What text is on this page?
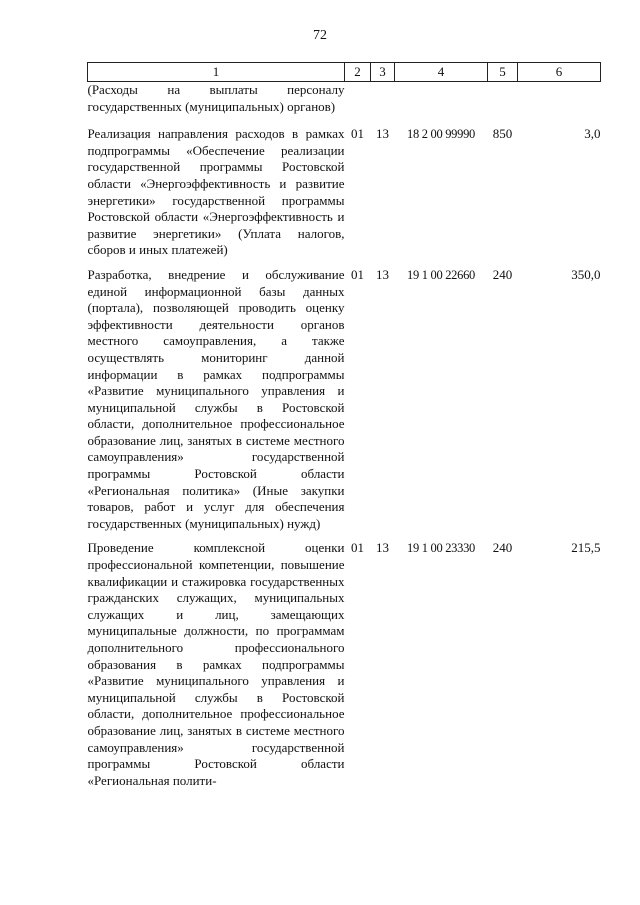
72
1	2	3	4	5	6
(Расходы на выплаты персоналу государственных (муниципальных) органов)					
Реализация направления расходов в рамках подпрограммы «Обеспечение реализации государственной программы Ростовской области «Энергоэффективность и развитие энергетики» государственной программы Ростовской области «Энергоэффективность и развитие энергетики» (Уплата налогов, сборов и иных платежей)	01	13	18 2 00 99990	850	3,0
Разработка, внедрение и обслуживание единой информационной базы данных (портала), позволяющей проводить оценку эффективности деятельности органов местного самоуправления, а также осуществлять мониторинг данной информации в рамках подпрограммы «Развитие муниципального управления и муниципальной службы в Ростовской области, дополнительное профессиональное образование лиц, занятых в системе местного самоуправления» государственной программы Ростовской области «Региональная политика» (Иные закупки товаров, работ и услуг для обеспечения государственных (муниципальных) нужд)	01	13	19 1 00 22660	240	350,0
Проведение комплексной оценки профессиональной компетенции, повышение квалификации и стажировка государственных гражданских служащих, муниципальных служащих и лиц, замещающих муниципальные должности, по программам дополнительного профессионального образования в рамках подпрограммы «Развитие муниципального управления и муниципальной службы в Ростовской области, дополнительное профессиональное образование лиц, занятых в системе местного самоуправления» государственной программы Ростовской области «Региональная полити-	01	13	19 1 00 23330	240	215,5
